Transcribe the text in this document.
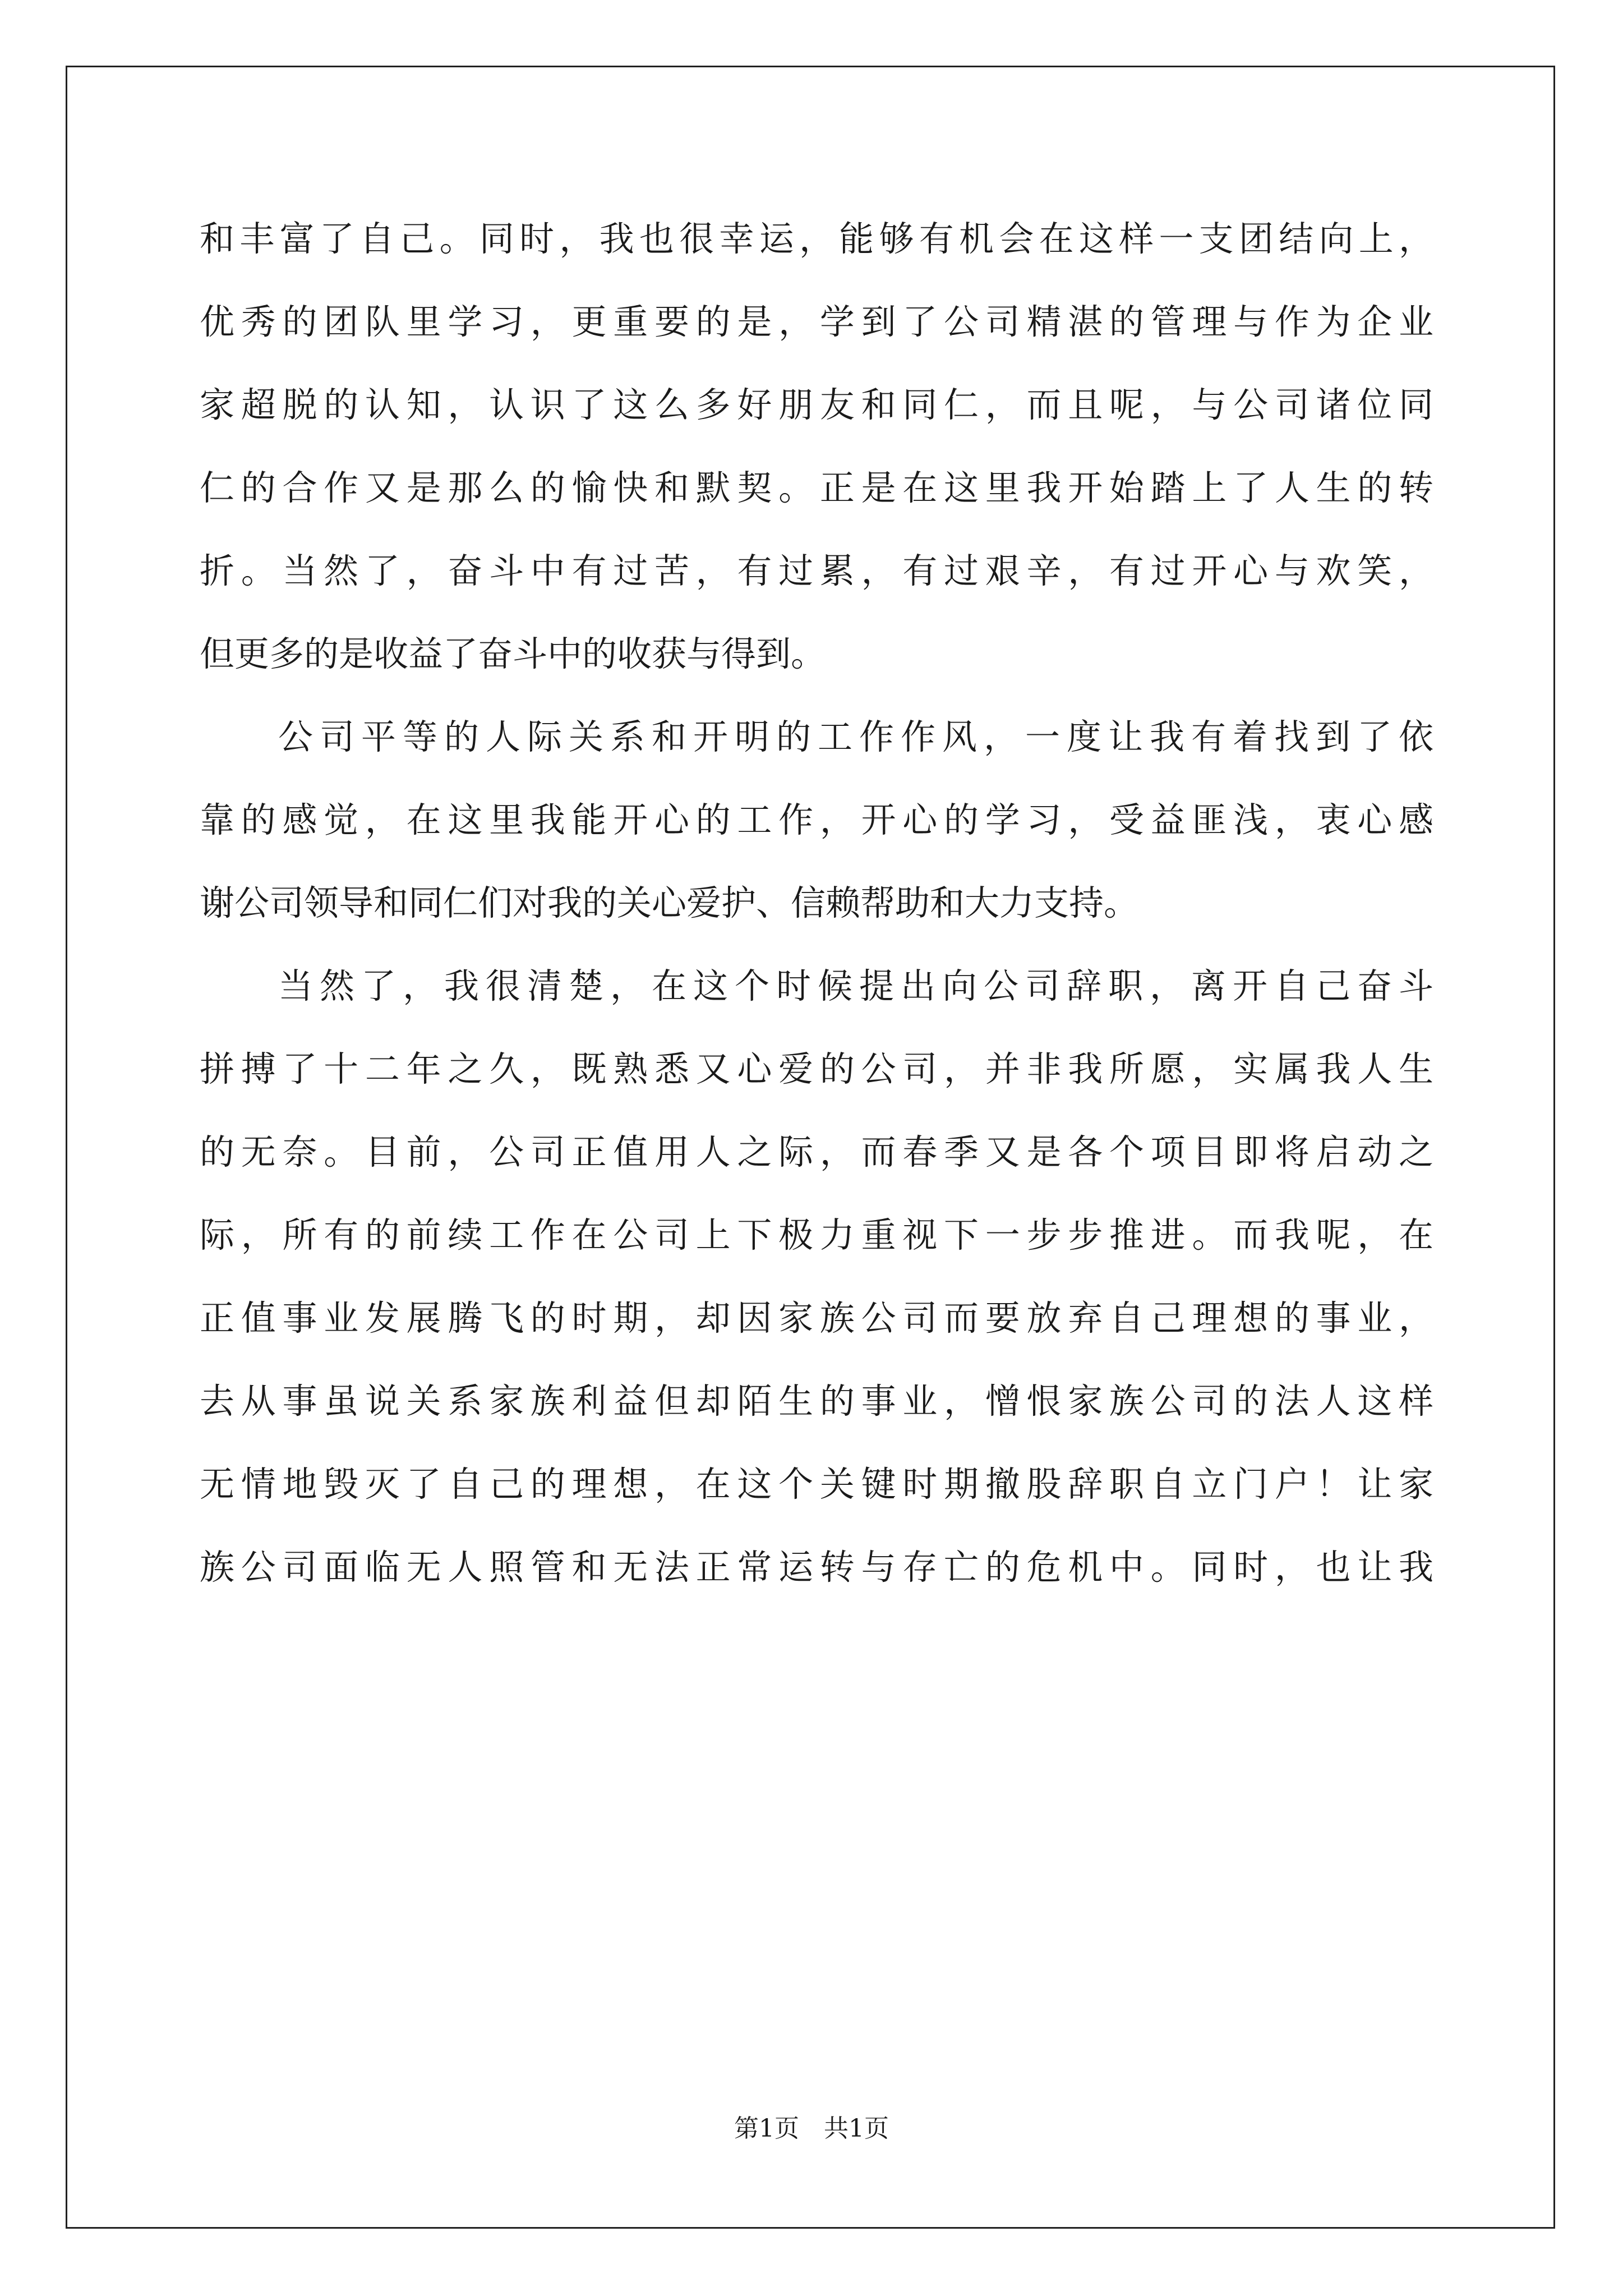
和丰富了自己。同时，我也很幸运，能够有机会在这样一支团结向上，
优秀的团队里学习，更重要的是，学到了公司精湛的管理与作为企业
家超脱的认知，认识了这么多好朋友和同仁，而且呢，与公司诸位同
仁的合作又是那么的愉快和默契。正是在这里我开始踏上了人生的转
折。当然了，奋斗中有过苦，有过累，有过艰辛，有过开心与欢笑，
但更多的是收益了奋斗中的收获与得到。
公司平等的人际关系和开明的工作作风，一度让我有着找到了依
靠的感觉，在这里我能开心的工作，开心的学习，受益匪浅，衷心感
谢公司领导和同仁们对我的关心爱护、信赖帮助和大力支持。
当然了，我很清楚，在这个时候提出向公司辞职，离开自己奋斗
拼搏了十二年之久，既熟悉又心爱的公司，并非我所愿，实属我人生
的无奈。目前，公司正值用人之际，而春季又是各个项目即将启动之
际，所有的前续工作在公司上下极力重视下一步步推进。而我呢，在
正值事业发展腾飞的时期，却因家族公司而要放弃自己理想的事业，
去从事虽说关系家族利益但却陌生的事业，憎恨家族公司的法人这样
无情地毁灭了自己的理想，在这个关键时期撤股辞职自立门户！让家
族公司面临无人照管和无法正常运转与存亡的危机中。同时，也让我
第1页 共1页
